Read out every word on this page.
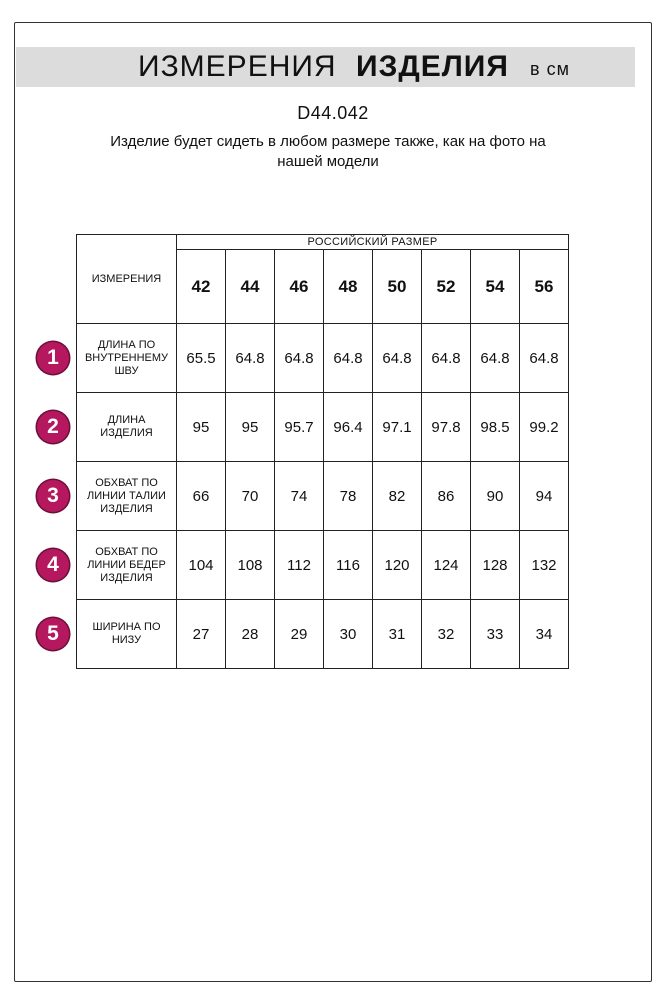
ИЗМЕРЕНИЯ ИЗДЕЛИЯ в см
D44.042
Изделие будет сидеть в любом размере также, как на фото на
нашей модели
ИЗМЕРЕНИЯ	РОССИЙСКИЙ РАЗМЕР							
	42	44	46	48	50	52	54	56

ДЛИНА ПО
ВНУТРЕННЕМУ
ШВУ	65.5	64.8	64.8	64.8	64.8	64.8	64.8	64.8

ДЛИНА
ИЗДЕЛИЯ	95	95	95.7	96.4	97.1	97.8	98.5	99.2

ОБХВАТ ПО
ЛИНИИ ТАЛИИ
ИЗДЕЛИЯ	66	70	74	78	82	86	90	94

ОБХВАТ ПО
ЛИНИИ БЕДЕР
ИЗДЕЛИЯ	104	108	112	116	120	124	128	132

ШИРИНА ПО
НИЗУ	27	28	29	30	31	32	33	34
1
2
3
4
5
